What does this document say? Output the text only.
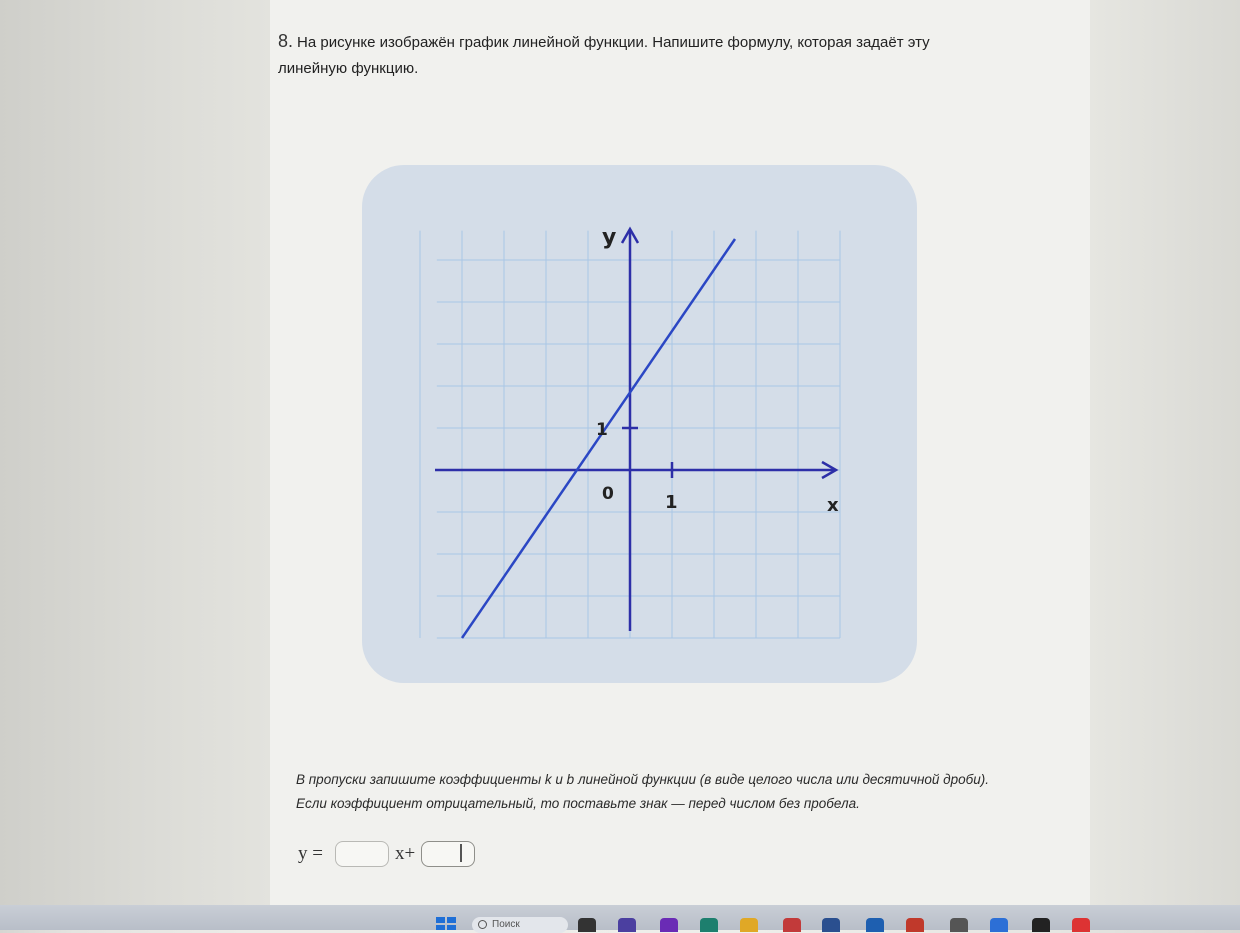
8. На рисунке изображён график линейной функции. Напишите формулу, которая задаёт эту линейную функцию.
y
x
0	1
1
В пропуски запишите коэффициенты k и b линейной функции (в виде целого числа или десятичной дроби). Если коэффициент отрицательный, то поставьте знак — перед числом без пробела.
y =	x+
Поиск
